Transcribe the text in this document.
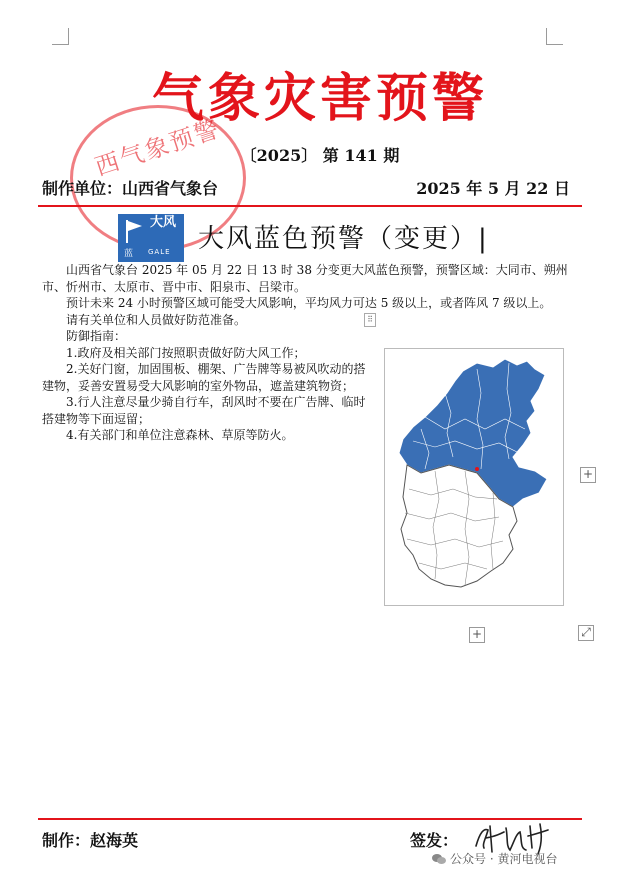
气象灾害预警
西气象预警	〔2025〕 第 141 期
制作单位：山西省气象台	2025 年 5 月 22 日
大风
蓝 GALE 大风蓝色预警（变更）|

山西省气象台 2025 年 05 月 22 日 13 时 38 分变更大风蓝色预警，预警区域：大同市、朔州市、忻州市、太原市、晋中市、阳泉市、吕梁市。

预计未来 24 小时预警区域可能受大风影响，平均风力可达 5 级以上，或者阵风 7 级以上。

请有关单位和人员做好防范准备。

防御指南：

1.政府及相关部门按照职责做好防大风工作；

2.关好门窗，加固围板、棚架、广告牌等易被风吹动的搭建物，妥善安置易受大风影响的室外物品，遮盖建筑物资；

3.行人注意尽量少骑自行车，刮风时不要在广告牌、临时搭建物等下面逗留；

4.有关部门和单位注意森林、草原等防火。

⠿
+
+	⤢
制作：赵海英	签发：
公众号 · 黄河电视台
